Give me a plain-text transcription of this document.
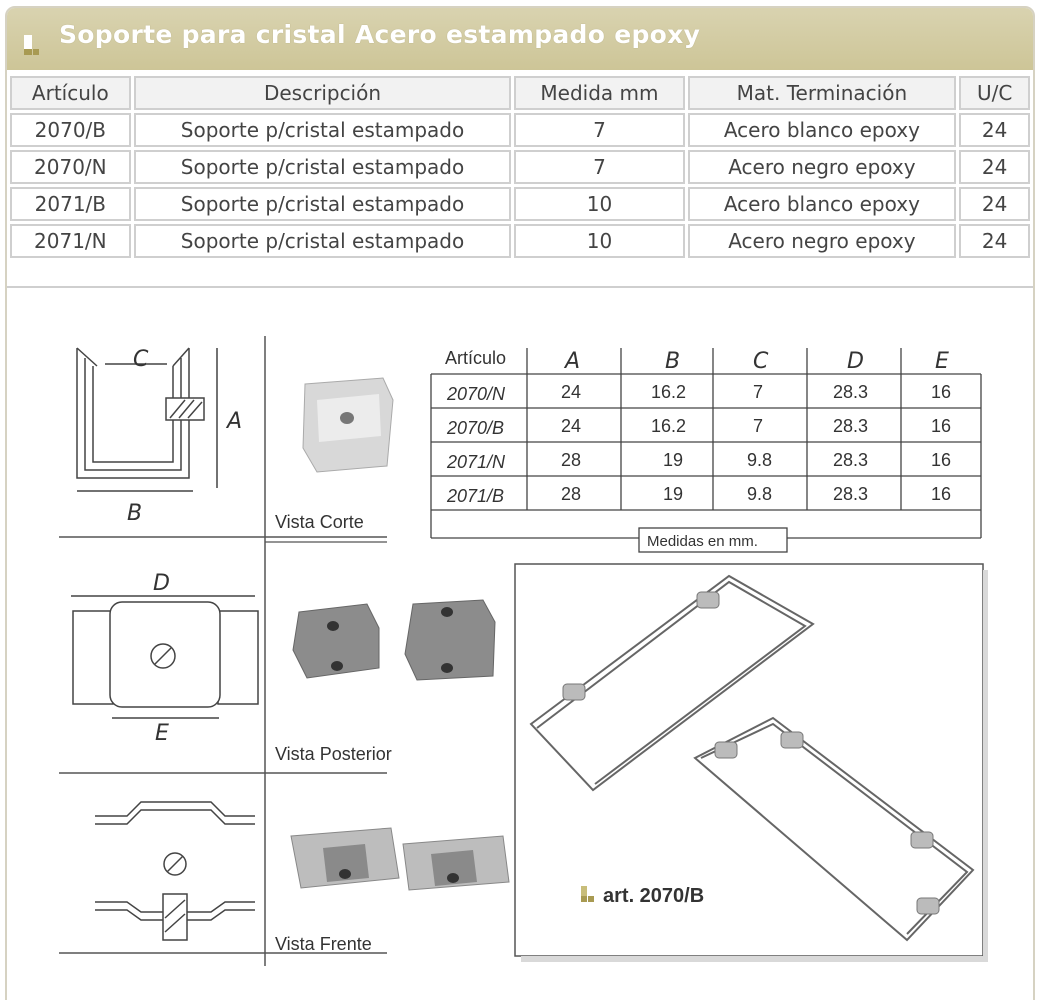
Soporte para cristal Acero estampado epoxy
Artículo	Descripción	Medida mm	Mat. Terminación	U/C
2070/B	Soporte p/cristal estampado	7	Acero blanco epoxy	24
2070/N	Soporte p/cristal estampado	7	Acero negro epoxy	24
2071/B	Soporte p/cristal estampado	10	Acero blanco epoxy	24
2071/N	Soporte p/cristal estampado	10	Acero negro epoxy	24
C
A
B
D
E
Vista Corte
Vista Posterior
Vista Frente
Artículo	A	B	C	D	E
2070/N	24	16.2	7	28.3	16
2070/B	24	16.2	7	28.3	16
2071/N	28	19	9.8	28.3	16
2071/B	28	19	9.8	28.3	16
Medidas en mm.
art. 2070/B
